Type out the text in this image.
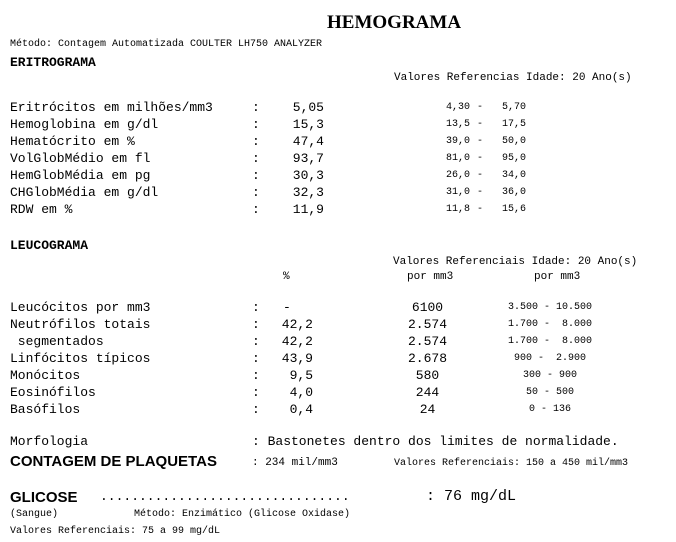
HEMOGRAMA
Método: Contagem Automatizada COULTER LH750 ANALYZER
ERITROGRAMA
Valores Referencias Idade: 20 Ano(s)
Eritrócitos em milhões/mm3	:	5,05	4,30 -	5,70
Hemoglobina em g/dl	:	15,3	13,5 -	17,5
Hematócrito em %	:	47,4	39,0 -	50,0
VolGlobMédio em fl	:	93,7	81,0 -	95,0
HemGlobMédia em pg	:	30,3	26,0 -	34,0
CHGlobMédia em g/dl	:	32,3	31,0 -	36,0
RDW em %	:	11,9	11,8 -	15,6
LEUCOGRAMA
Valores Referenciais Idade: 20 Ano(s)
%	por mm3	por mm3
Leucócitos por mm3	: -	6100	3.500 - 10.500
Neutrófilos totais	:	42,2	2.574	1.700 -  8.000
segmentados	:	42,2	2.574	1.700 -  8.000
Linfócitos típicos	:	43,9	2.678	900 -  2.900
Monócitos	:	9,5	580	300 - 900
Eosinófilos	:	4,0	244	50 - 500
Basófilos	:	0,4	24	0 - 136
Morfologia	: Bastonetes dentro dos limites de normalidade.
CONTAGEM DE PLAQUETAS	: 234 mil/mm3	Valores Referenciais: 150 a 450 mil/mm3
GLICOSE ................................	: 76 mg/dL
(Sangue)	Método: Enzimático (Glicose Oxidase)
Valores Referenciais: 75 a 99 mg/dL
